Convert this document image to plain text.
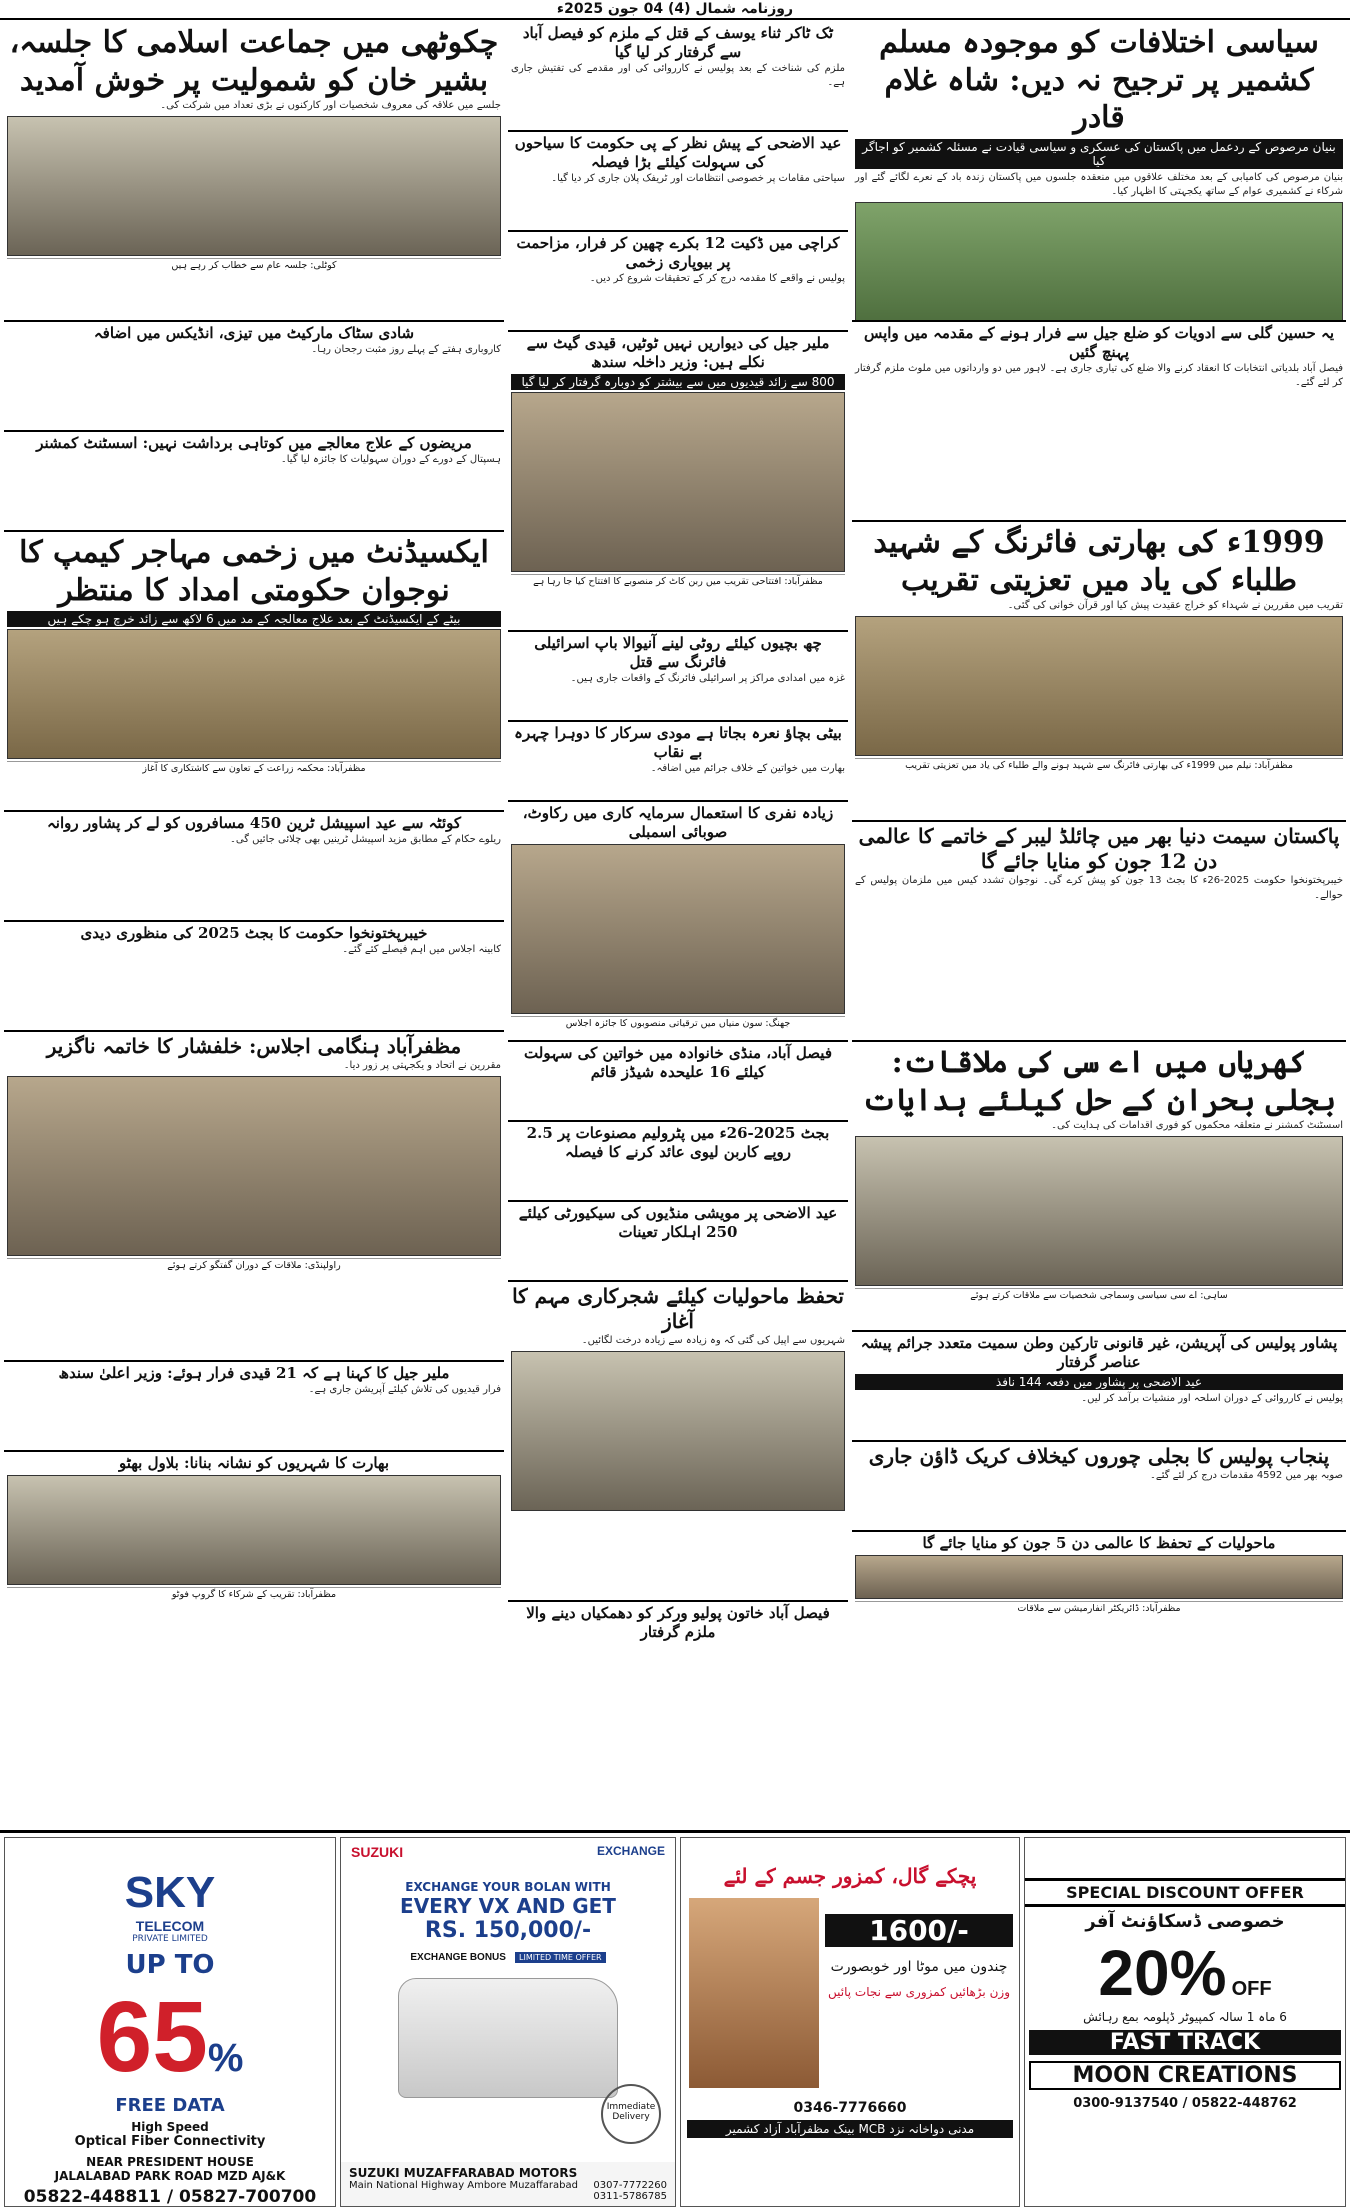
روزنامہ شمال (4) 04 جون 2025ء
سیاسی اختلافات کو موجودہ مسلم کشمیر پر ترجیح نہ دیں: شاہ غلام قادر
بنیان مرصوص کے ردعمل میں پاکستان کی عسکری و سیاسی قیادت نے مسئلہ کشمیر کو اجاگر کیا
بنیان مرصوص کی کامیابی کے بعد مختلف علاقوں میں منعقدہ جلسوں میں پاکستان زندہ باد کے نعرے لگائے گئے اور شرکاء نے کشمیری عوام کے ساتھ یکجہتی کا اظہار کیا۔
یہ حسین گلی سے ادویات کو ضلع جیل سے فرار ہونے کے مقدمہ میں واپس پہنچ گئیں
فیصل آباد بلدیاتی انتخابات کا انعقاد کرنے والا ضلع کی تیاری جاری ہے۔ لاہور میں دو وارداتوں میں ملوث ملزم گرفتار کر لئے گئے۔
1999ء کی بھارتی فائرنگ کے شہید طلباء کی یاد میں تعزیتی تقریب
تقریب میں مقررین نے شہداء کو خراج عقیدت پیش کیا اور قرآن خوانی کی گئی۔
مظفرآباد: نیلم میں 1999ء کی بھارتی فائرنگ سے شہید ہونے والے طلباء کی یاد میں تعزیتی تقریب
پاکستان سیمت دنیا بھر میں چائلڈ لیبر کے خاتمے کا عالمی دن 12 جون کو منایا جائے گا
خیبرپختونخوا حکومت 2025-26ء کا بجٹ 13 جون کو پیش کرے گی۔ نوجوان تشدد کیس میں ملزمان پولیس کے حوالے۔
کھریاں میں اے سی کی ملاقات: بجلی بحران کے حل کیلئے ہدایات
اسسٹنٹ کمشنر نے متعلقہ محکموں کو فوری اقدامات کی ہدایت کی۔
ساہی: اے سی سیاسی وسماجی شخصیات سے ملاقات کرتے ہوئے
پشاور پولیس کی آپریشن، غیر قانونی تارکین وطن سمیت متعدد جرائم پیشہ عناصر گرفتار
عید الاضحی پر پشاور میں دفعہ 144 نافذ
پولیس نے کارروائی کے دوران اسلحہ اور منشیات برآمد کر لیں۔
پنجاب پولیس کا بجلی چوروں کیخلاف کریک ڈاؤن جاری
صوبہ بھر میں 4592 مقدمات درج کر لئے گئے۔
ماحولیات کے تحفظ کا عالمی دن 5 جون کو منایا جائے گا
مظفرآباد: ڈائریکٹر انفارمیشن سے ملاقات
ٹک ٹاکر ثناء یوسف کے قتل کے ملزم کو فیصل آباد سے گرفتار کر لیا گیا
ملزم کی شناخت کے بعد پولیس نے کارروائی کی اور مقدمے کی تفتیش جاری ہے۔
عید الاضحی کے پیش نظر کے پی حکومت کا سیاحوں کی سہولت کیلئے بڑا فیصلہ
سیاحتی مقامات پر خصوصی انتظامات اور ٹریفک پلان جاری کر دیا گیا۔
کراچی میں ڈکیت 12 بکرے چھین کر فرار، مزاحمت پر بیوپاری زخمی
پولیس نے واقعے کا مقدمہ درج کر کے تحقیقات شروع کر دیں۔
ملیر جیل کی دیواریں نہیں ٹوٹیں، قیدی گیٹ سے نکلے ہیں: وزیر داخلہ سندھ
800 سے زائد قیدیوں میں سے بیشتر کو دوبارہ گرفتار کر لیا گیا
مظفرآباد: افتتاحی تقریب میں ربن کاٹ کر منصوبے کا افتتاح کیا جا رہا ہے
چھ بچیوں کیلئے روٹی لینے آنیوالا باپ اسرائیلی فائرنگ سے قتل
غزہ میں امدادی مراکز پر اسرائیلی فائرنگ کے واقعات جاری ہیں۔
بیٹی بچاؤ نعرہ بجاتا ہے مودی سرکار کا دوہرا چہرہ بے نقاب
بھارت میں خواتین کے خلاف جرائم میں اضافہ۔
زیادہ نفری کا استعمال سرمایہ کاری میں رکاوٹ، صوبائی اسمبلی
جھنگ: سون منیاں میں ترقیاتی منصوبوں کا جائزہ اجلاس
فیصل آباد، منڈی خانوادہ میں خواتین کی سہولت کیلئے 16 علیحدہ شیڈز قائم
بجٹ 2025-26ء میں پٹرولیم مصنوعات پر 2.5 روپے کاربن لیوی عائد کرنے کا فیصلہ
عید الاضحی پر مویشی منڈیوں کی سیکیورٹی کیلئے 250 اہلکار تعینات
تحفظ ماحولیات کیلئے شجرکاری مہم کا آغاز
شہریوں سے اپیل کی گئی کہ وہ زیادہ سے زیادہ درخت لگائیں۔
فیصل آباد خاتون پولیو ورکر کو دھمکیاں دینے والا ملزم گرفتار
چکوٹھی میں جماعت اسلامی کا جلسہ، بشیر خان کو شمولیت پر خوش آمدید
جلسے میں علاقہ کی معروف شخصیات اور کارکنوں نے بڑی تعداد میں شرکت کی۔
کوٹلی: جلسہ عام سے خطاب کر رہے ہیں
شادی سٹاک مارکیٹ میں تیزی، انڈیکس میں اضافہ
کاروباری ہفتے کے پہلے روز مثبت رجحان رہا۔
مریضوں کے علاج معالجے میں کوتاہی برداشت نہیں: اسسٹنٹ کمشنر
ہسپتال کے دورے کے دوران سہولیات کا جائزہ لیا گیا۔
ایکسیڈنٹ میں زخمی مہاجر کیمپ کا نوجوان حکومتی امداد کا منتظر
بیٹے کے ایکسیڈنٹ کے بعد علاج معالجہ کے مد میں 6 لاکھ سے زائد خرچ ہو چکے ہیں
مظفرآباد: محکمہ زراعت کے تعاون سے کاشتکاری کا آغاز
کوئٹہ سے عید اسپیشل ٹرین 450 مسافروں کو لے کر پشاور روانہ
ریلوے حکام کے مطابق مزید اسپیشل ٹرینیں بھی چلائی جائیں گی۔
خیبرپختونخوا حکومت کا بجٹ 2025 کی منظوری دیدی
کابینہ اجلاس میں اہم فیصلے کئے گئے۔
مظفرآباد ہنگامی اجلاس: خلفشار کا خاتمہ ناگزیر
مقررین نے اتحاد و یکجہتی پر زور دیا۔
راولپنڈی: ملاقات کے دوران گفتگو کرتے ہوئے
ملیر جیل کا کہنا ہے کہ 21 قیدی فرار ہوئے: وزیر اعلیٰ سندھ
فرار قیدیوں کی تلاش کیلئے آپریشن جاری ہے۔
بھارت کا شہریوں کو نشانہ بنانا: بلاول بھٹو
مظفرآباد: تقریب کے شرکاء کا گروپ فوٹو
SKY
TELECOM
PRIVATE LIMITED
UP TO
65%
FREE DATA
High Speed
Optical Fiber Connectivity
NEAR PRESIDENT HOUSE
JALALABAD PARK ROAD MZD AJ&K
05822-448811 / 05827-700700
SUZUKI	EXCHANGE
EXCHANGE YOUR BOLAN WITH
EVERY VX AND GET
RS. 150,000/-
EXCHANGE BONUS LIMITED TIME OFFER
Immediate Delivery
SUZUKI MUZAFFARABAD MOTORS
Main National Highway Ambore Muzaffarabad 0307-7772260
0311-5786785
پچکے گال، کمزور جسم کے لئے
1600/-
چندون میں موٹا اور خوبصورت
وزن بڑھائیں کمزوری سے نجات پائیں
0346-7776660
مدنی دواخانہ نزد MCB بینک مظفرآباد آزاد کشمیر
SPECIAL DISCOUNT OFFER
خصوصی ڈسکاؤنٹ آفر
20% OFF
6 ماہ 1 سالہ کمپیوٹر ڈپلومہ بمع رہائش
FAST TRACK
MOON CREATIONS
0300-9137540 / 05822-448762
